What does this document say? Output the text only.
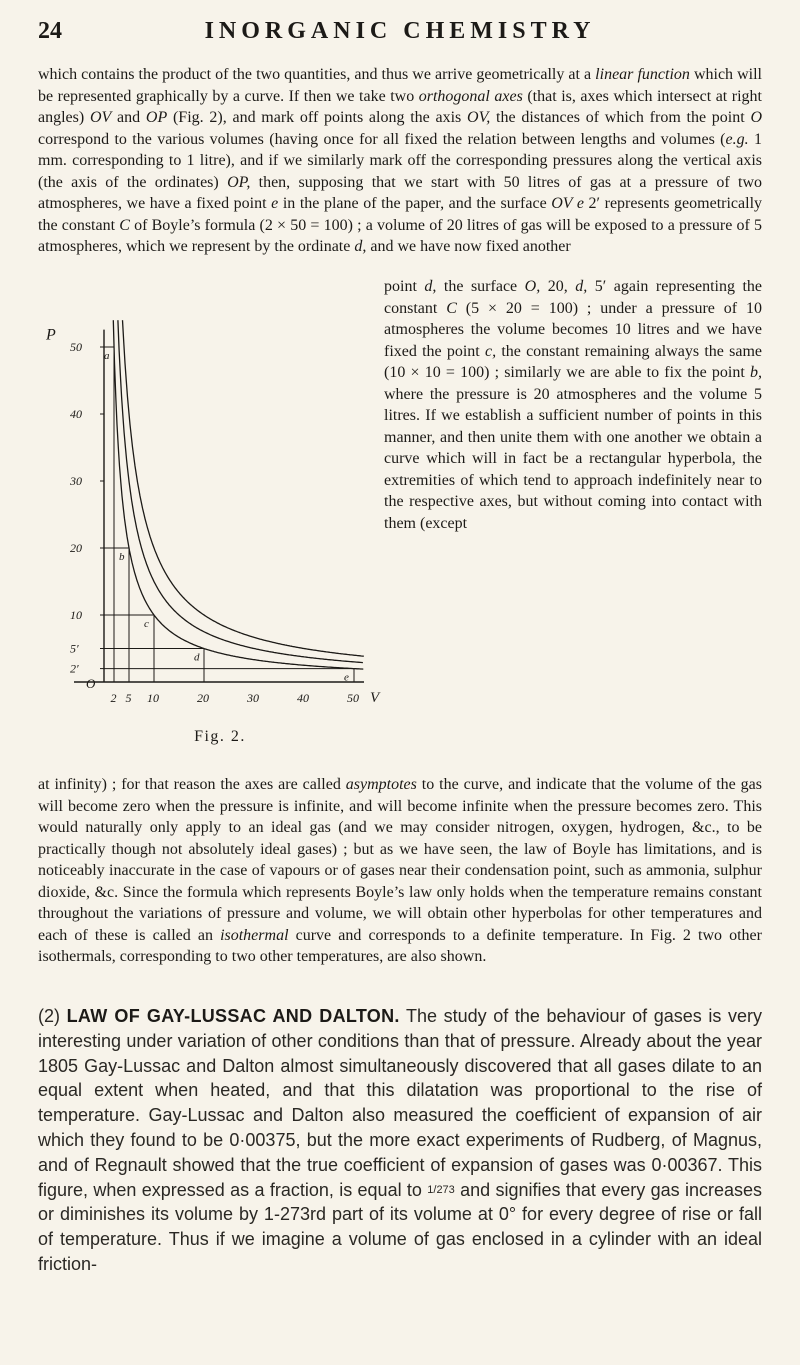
24	INORGANIC CHEMISTRY

which contains the product of the two quantities, and thus we arrive geometrically at a linear function which will be represented graphically by a curve. If then we take two orthogonal axes (that is, axes which intersect at right angles) OV and OP (Fig. 2), and mark off points along the axis OV, the distances of which from the point O correspond to the various volumes (having once for all fixed the relation between lengths and volumes (e.g. 1 mm. corresponding to 1 litre), and if we similarly mark off the corresponding pressures along the vertical axis (the axis of the ordinates) OP, then, supposing that we start with 50 litres of gas at a pressure of two atmospheres, we have a fixed point e in the plane of the paper, and the surface OV e 2′ represents geometrically the constant C of Boyle’s formula (2 × 50 = 100) ; a volume of 20 litres of gas will be exposed to a pressure of 5 atmospheres, which we represent by the ordinate d, and we have now fixed another

P
V
O
50
40
30
20
10
5′
2′
2 5 10	20	30	40	50
a
b
c
d
e
Fig. 2.

point d, the surface O, 20, d, 5′ again representing the constant C (5 × 20 = 100) ; under a pressure of 10 atmospheres the volume becomes 10 litres and we have fixed the point c, the constant remaining always the same (10 × 10 = 100) ; similarly we are able to fix the point b, where the pressure is 20 atmospheres and the volume 5 litres. If we establish a sufficient number of points in this manner, and then unite them with one another we obtain a curve which will in fact be a rectangular hyperbola, the extremities of which tend to approach indefinitely near to the respective axes, but without coming into contact with them (except

at infinity) ; for that reason the axes are called asymptotes to the curve, and indicate that the volume of the gas will become zero when the pressure is infinite, and will become infinite when the pressure becomes zero. This would naturally only apply to an ideal gas (and we may consider nitrogen, oxygen, hydrogen, &c., to be practically though not absolutely ideal gases) ; but as we have seen, the law of Boyle has limitations, and is noticeably inaccurate in the case of vapours or of gases near their condensation point, such as ammonia, sulphur dioxide, &c. Since the formula which represents Boyle’s law only holds when the temperature remains constant throughout the variations of pressure and volume, we will obtain other hyperbolas for other temperatures and each of these is called an isothermal curve and corresponds to a definite temperature. In Fig. 2 two other isothermals, corresponding to two other temperatures, are also shown.

(2) LAW OF GAY-LUSSAC AND DALTON. The study of the behaviour of gases is very interesting under variation of other conditions than that of pressure. Already about the year 1805 Gay-Lussac and Dalton almost simultaneously discovered that all gases dilate to an equal extent when heated, and that this dilatation was proportional to the rise of temperature. Gay-Lussac and Dalton also measured the coefficient of expansion of air which they found to be 0·00375, but the more exact experiments of Rudberg, of Magnus, and of Regnault showed that the true coefficient of expansion of gases was 0·00367. This figure, when expressed as a fraction, is equal to 1/273 and signifies that every gas increases or diminishes its volume by 1-273rd part of its volume at 0° for every degree of rise or fall of temperature. Thus if we imagine a volume of gas enclosed in a cylinder with an ideal friction-
